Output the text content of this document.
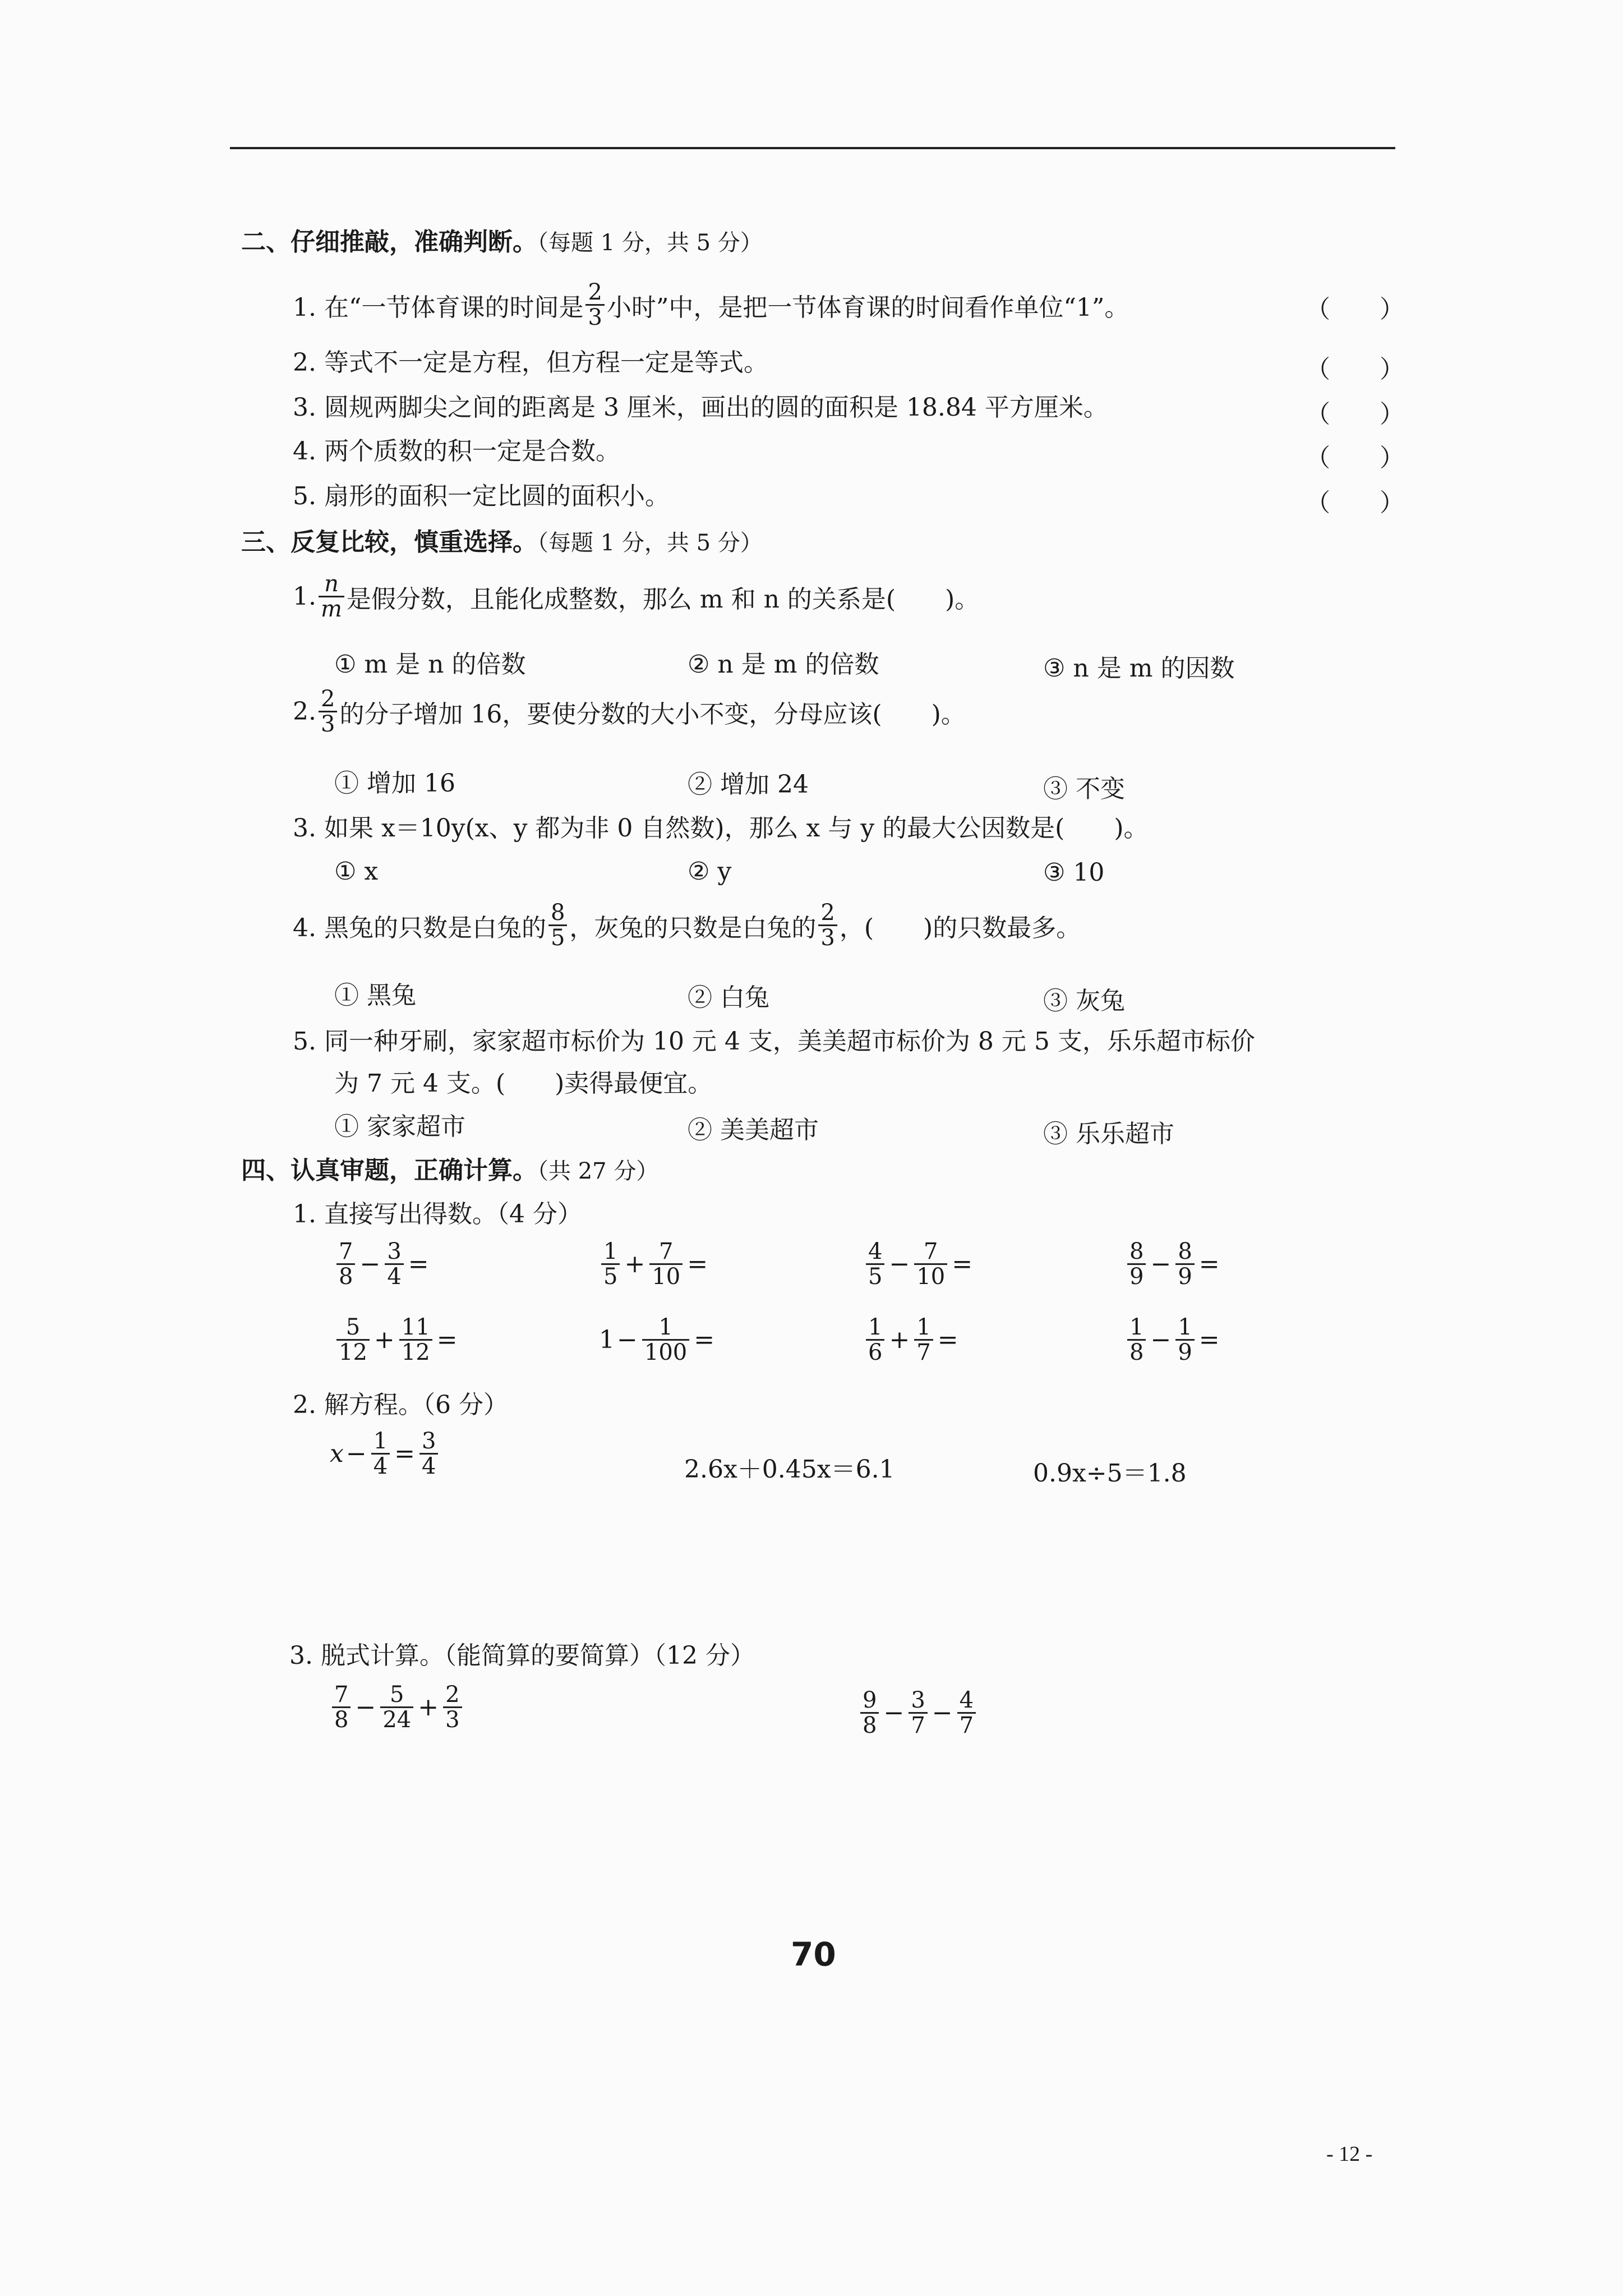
二、仔细推敲，准确判断。（每题 1 分，共 5 分）
1. 在“一节体育课的时间是 $\frac{2}{3}$ 小时”中，是把一节体育课的时间看作单位“1”。	（　　）
2. 等式不一定是方程，但方程一定是等式。	（　　）
3. 圆规两脚尖之间的距离是 3 厘米，画出的圆的面积是 18.84 平方厘米。	（　　）
4. 两个质数的积一定是合数。	（　　）
5. 扇形的面积一定比圆的面积小。	（　　）
三、反复比较，慎重选择。（每题 1 分，共 5 分）
1. $\frac{n}{m}$ 是假分数，且能化成整数，那么 m 和 n 的关系是(　　)。
① m 是 n 的倍数	② n 是 m 的倍数	③ n 是 m 的因数
2. $\frac{2}{3}$ 的分子增加 16，要使分数的大小不变，分母应该(　　)。
① 增加 16	② 增加 24	③ 不变
3. 如果 x＝10y(x、y 都为非 0 自然数)，那么 x 与 y 的最大公因数是(　　)。
① x	② y	③ 10
4. 黑兔的只数是白兔的 $\frac{8}{5}$ ，灰兔的只数是白兔的 $\frac{2}{3}$ ，(　　)的只数最多。
① 黑兔	② 白兔	③ 灰兔
5. 同一种牙刷，家家超市标价为 10 元 4 支，美美超市标价为 8 元 5 支，乐乐超市标价
为 7 元 4 支。(　　)卖得最便宜。
① 家家超市	② 美美超市	③ 乐乐超市
四、认真审题，正确计算。（共 27 分）
1. 直接写出得数。（4 分）
$\frac{7}{8} - \frac{3}{4}$ =	$\frac{1}{5} + \frac{7}{10}$ =	$\frac{4}{5} - \frac{7}{10}$ =	$\frac{8}{9} - \frac{8}{9}$ =
$\frac{5}{12} + \frac{11}{12}$ =	$1 - \frac{1}{100}$ =	$\frac{1}{6} + \frac{1}{7}$ =	$\frac{1}{8} - \frac{1}{9}$ =
2. 解方程。（6 分）
$x - \frac{1}{4} = \frac{3}{4}$	2.6x＋0.45x＝6.1	0.9x÷5＝1.8
3. 脱式计算。（能简算的要简算）（12 分）
$\frac{7}{8} - \frac{5}{24} + \frac{2}{3}$	$\frac{9}{8} - \frac{3}{7} - \frac{4}{7}$
70
- 12 -
